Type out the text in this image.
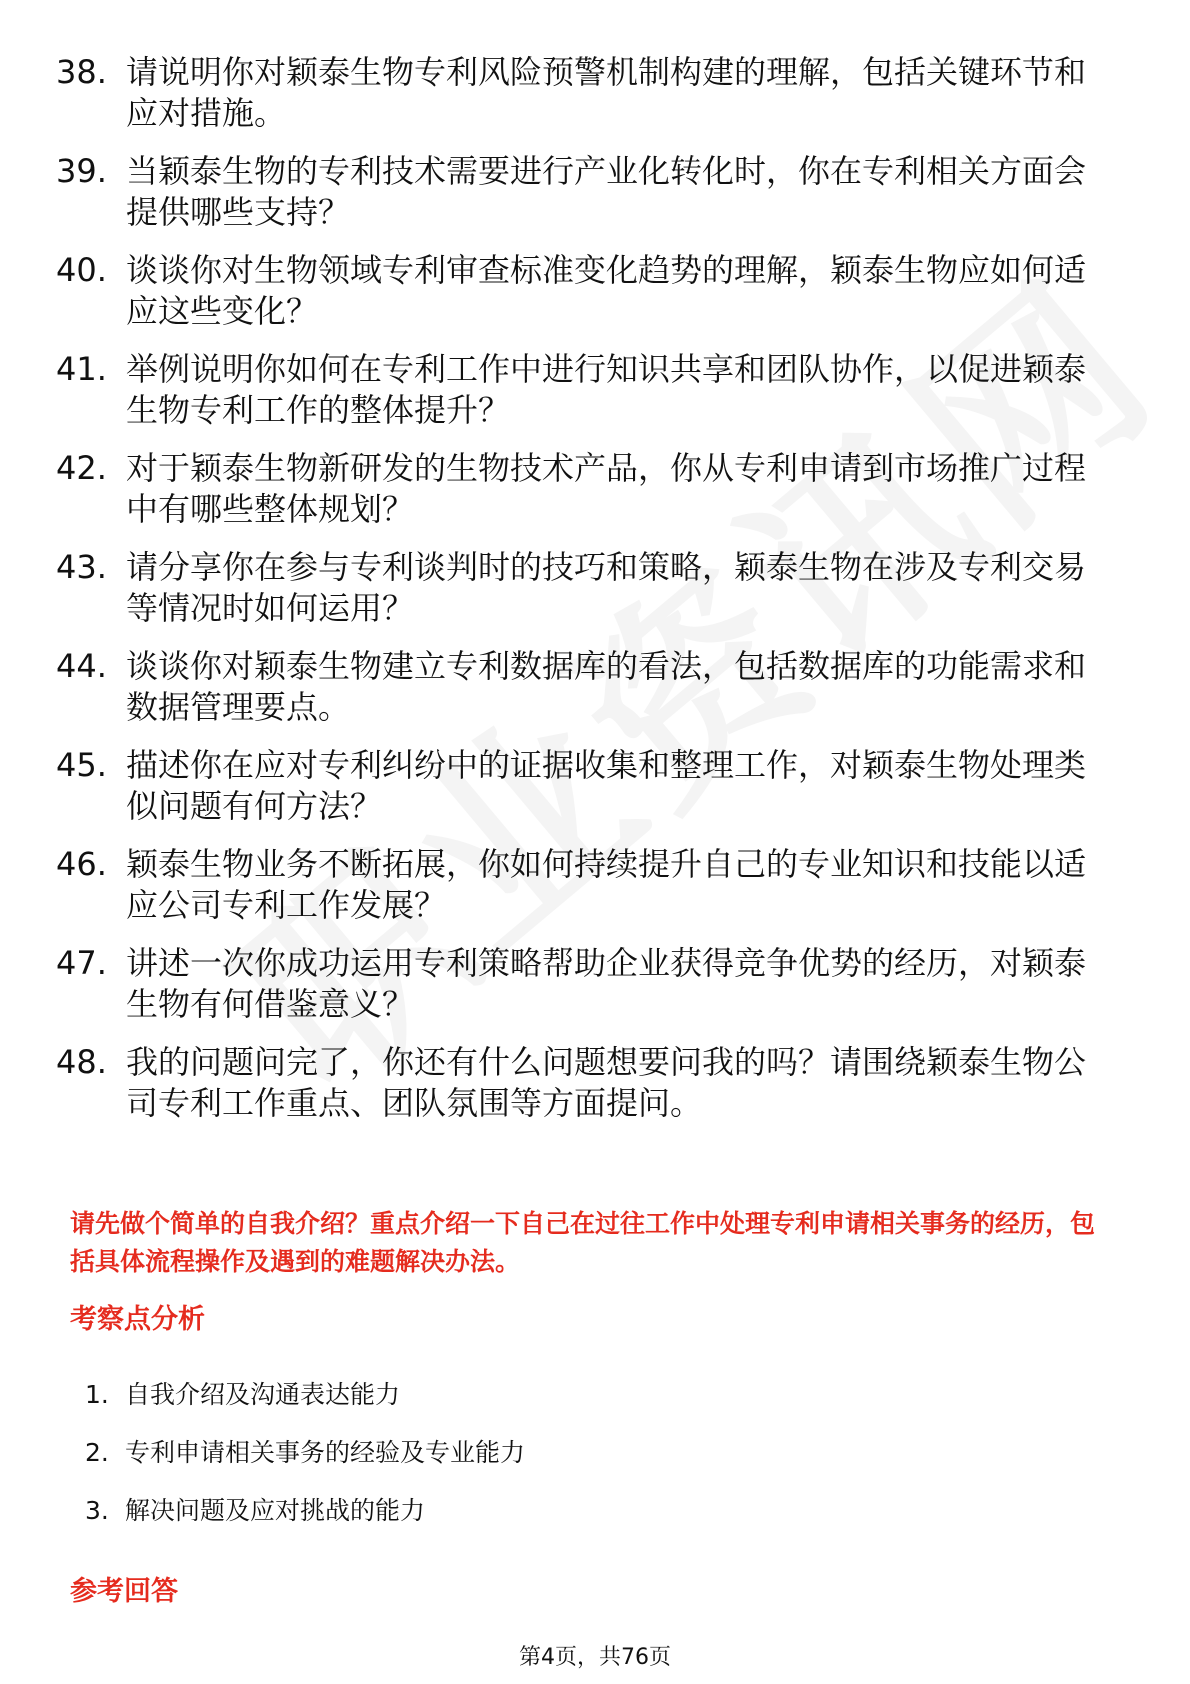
38. 请说明你对颖泰生物专利风险预警机制构建的理解，包括关键环节和应对措施。
39. 当颖泰生物的专利技术需要进行产业化转化时，你在专利相关方面会提供哪些支持？
40. 谈谈你对生物领域专利审查标准变化趋势的理解，颖泰生物应如何适应这些变化？
41. 举例说明你如何在专利工作中进行知识共享和团队协作，以促进颖泰生物专利工作的整体提升？
42. 对于颖泰生物新研发的生物技术产品，你从专利申请到市场推广过程中有哪些整体规划？
43. 请分享你在参与专利谈判时的技巧和策略，颖泰生物在涉及专利交易等情况时如何运用？
44. 谈谈你对颖泰生物建立专利数据库的看法，包括数据库的功能需求和数据管理要点。
45. 描述你在应对专利纠纷中的证据收集和整理工作，对颖泰生物处理类似问题有何方法？
46. 颖泰生物业务不断拓展，你如何持续提升自己的专业知识和技能以适应公司专利工作发展？
47. 讲述一次你成功运用专利策略帮助企业获得竞争优势的经历，对颖泰生物有何借鉴意义？
48. 我的问题问完了，你还有什么问题想要问我的吗？请围绕颖泰生物公司专利工作重点、团队氛围等方面提问。
请先做个简单的自我介绍？重点介绍一下自己在过往工作中处理专利申请相关事务的经历，包括具体流程操作及遇到的难题解决办法。
考察点分析
1. 自我介绍及沟通表达能力
2. 专利申请相关事务的经验及专业能力
3. 解决问题及应对挑战的能力
参考回答
第4页，共76页
